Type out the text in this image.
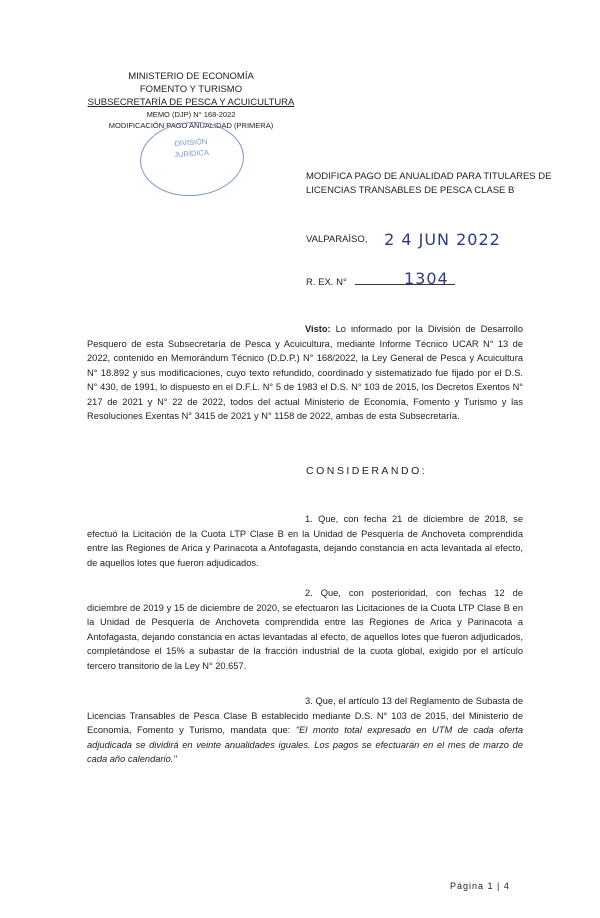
MINISTERIO DE ECONOMÍA
FOMENTO Y TURISMO
SUBSECRETARÍA DE PESCA Y ACUICULTURA
MEMO (DJP) N° 168-2022
MODIFICACIÓN PAGO ANUALIDAD (PRIMERA)
DIVISIÓN
JURÍDICA
MODIFICA PAGO DE ANUALIDAD PARA TITULARES DE LICENCIAS TRANSABLES DE PESCA CLASE B
VALPARAÍSO, 2 4 JUN 2022
R. EX. N°	1304
Visto: Lo informado por la División de Desarrollo Pesquero de esta Subsecretaría de Pesca y Acuicultura, mediante Informe Técnico UCAR N° 13 de 2022, contenido en Memorándum Técnico (D.D.P.) N° 168/2022, la Ley General de Pesca y Acuicultura N° 18.892 y sus modificaciones, cuyo texto refundido, coordinado y sistematizado fue fijado por el D.S. N° 430, de 1991, lo dispuesto en el D.F.L. N° 5 de 1983 el D.S. N° 103 de 2015, los Decretos Exentos N° 217 de 2021 y N° 22 de 2022, todos del actual Ministerio de Economía, Fomento y Turismo y las Resoluciones Exentas N° 3415 de 2021 y N° 1158 de 2022, ambas de esta Subsecretaría.
CONSIDERANDO:
1. Que, con fecha 21 de diciembre de 2018, se efectuó la Licitación de la Cuota LTP Clase B en la Unidad de Pesquería de Anchoveta comprendida entre las Regiones de Arica y Parinacota a Antofagasta, dejando constancia en acta levantada al efecto, de aquellos lotes que fueron adjudicados.
2. Que, con posterioridad, con fechas 12 de diciembre de 2019 y 15 de diciembre de 2020, se efectuaron las Licitaciones de la Cuota LTP Clase B en la Unidad de Pesquería de Anchoveta comprendida entre las Regiones de Arica y Parinacota a Antofagasta, dejando constancia en actas levantadas al efecto, de aquellos lotes que fueron adjudicados, completándose el 15% a subastar de la fracción industrial de la cuota global, exigido por el artículo tercero transitorio de la Ley N° 20.657.
3. Que, el artículo 13 del Reglamento de Subasta de Licencias Transables de Pesca Clase B establecido mediante D.S. N° 103 de 2015, del Ministerio de Economía, Fomento y Turismo, mandata que: "El monto total expresado en UTM de cada oferta adjudicada se dividirá en veinte anualidades iguales. Los pagos se efectuarán en el mes de marzo de cada año calendario."
Página 1 | 4
